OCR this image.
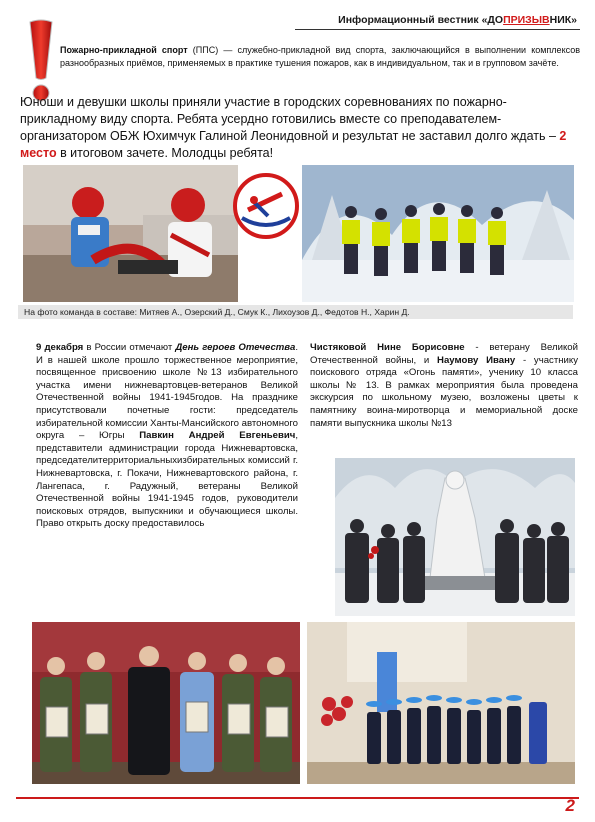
Информационный вестник «ДОПРИЗЫВНИК»
Пожарно-прикладной спорт (ППС) — служебно-прикладной вид спорта, заключающийся в выполнении комплексов разнообразных приёмов, применяемых в практике тушения пожаров, как в индивидуальном, так и в групповом зачёте.
Юноши и девушки школы приняли участие в городских соревнованиях по пожарно-прикладному виду спорта. Ребята усердно готовились вместе со преподавателем-организатором ОБЖ Юхимчук Галиной Леонидовной и результат не заставил долго ждать – 2 место в итоговом зачете. Молодцы ребята!
На фото команда в составе: Митяев А., Озерский Д., Смук К., Лихоузов Д., Федотов Н., Харин Д.
9 декабря в России отмечают День героев Отечества. И в нашей школе прошло торжественное мероприятие, посвященное присвоению школе №13 избирательного участка имени нижневартовцев-ветеранов Великой Отечественной войны 1941-1945годов. На празднике присутствовали почетные гости: председатель избирательной комиссии Ханты-Мансийского автономного округа – Югры Павкин Андрей Евгеньевич, представители администрации города Нижневартовска, председателитерриториальныхизбирательных комиссий г. Нижневартовска, г. Покачи, Нижневартовского района, г. Лангепаса, г. Радужный, ветераны Великой Отечественной войны 1941-1945 годов, руководители поисковых отрядов, выпускники и обучающиеся школы. Право открыть доску предоставилось
Чистяковой Нине Борисовне - ветерану Великой Отечественной войны, и Наумову Ивану - участнику поискового отряда «Огонь памяти», ученику 10 класса школы № 13. В рамках мероприятия была проведена экскурсия по школьному музею, возложены цветы к памятнику воина-миротворца и мемориальной доске памяти выпускника школы №13
2
